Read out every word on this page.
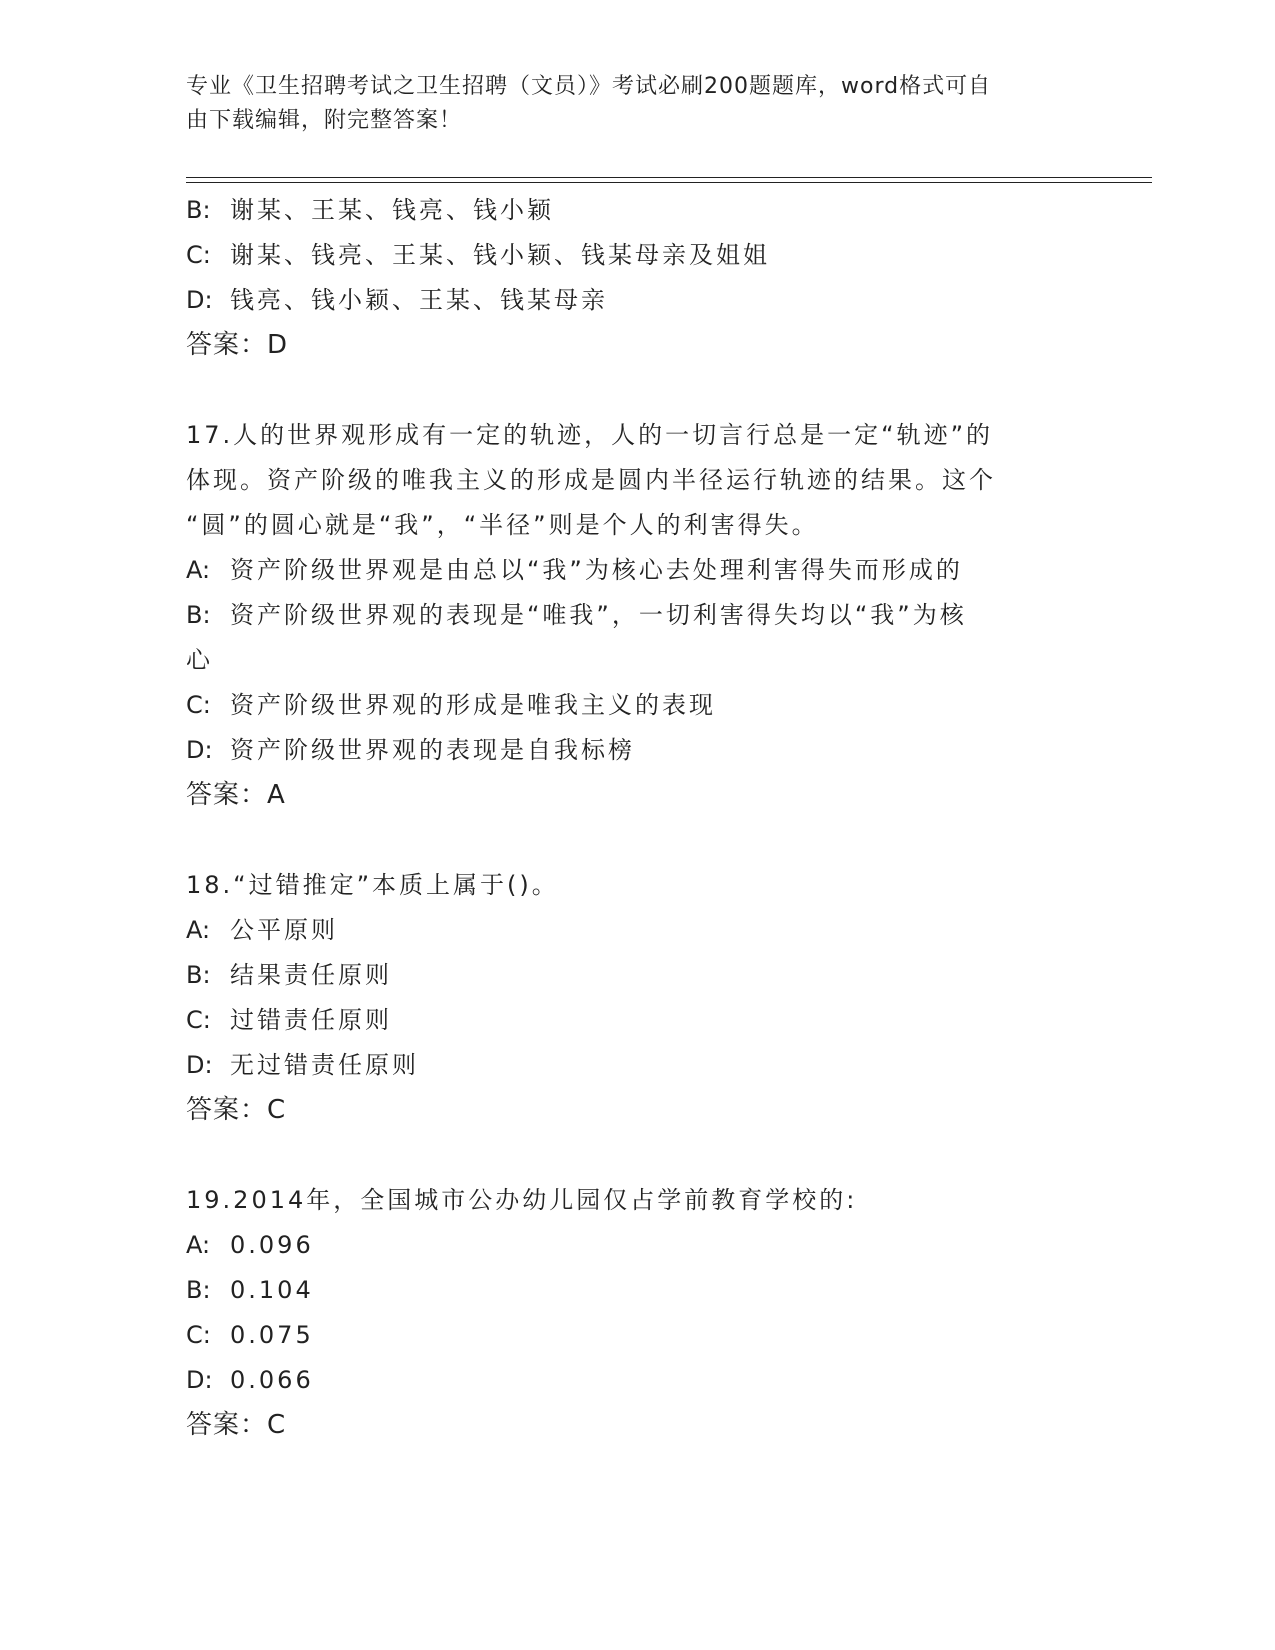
专业《卫生招聘考试之卫生招聘（文员）》考试必刷200题题库，word格式可自
由下载编辑，附完整答案！
B: 谢某、王某、钱亮、钱小颖
C: 谢某、钱亮、王某、钱小颖、钱某母亲及姐姐
D: 钱亮、钱小颖、王某、钱某母亲
答案：D
17.人的世界观形成有一定的轨迹，人的一切言行总是一定“轨迹”的
体现。资产阶级的唯我主义的形成是圆内半径运行轨迹的结果。这个
“圆”的圆心就是“我”，“半径”则是个人的利害得失。
A: 资产阶级世界观是由总以“我”为核心去处理利害得失而形成的
B: 资产阶级世界观的表现是“唯我”，一切利害得失均以“我”为核
心
C: 资产阶级世界观的形成是唯我主义的表现
D: 资产阶级世界观的表现是自我标榜
答案：A
18.“过错推定”本质上属于()。
A: 公平原则
B: 结果责任原则
C: 过错责任原则
D: 无过错责任原则
答案：C
19.2014年，全国城市公办幼儿园仅占学前教育学校的:
A: 0.096
B: 0.104
C: 0.075
D: 0.066
答案：C
